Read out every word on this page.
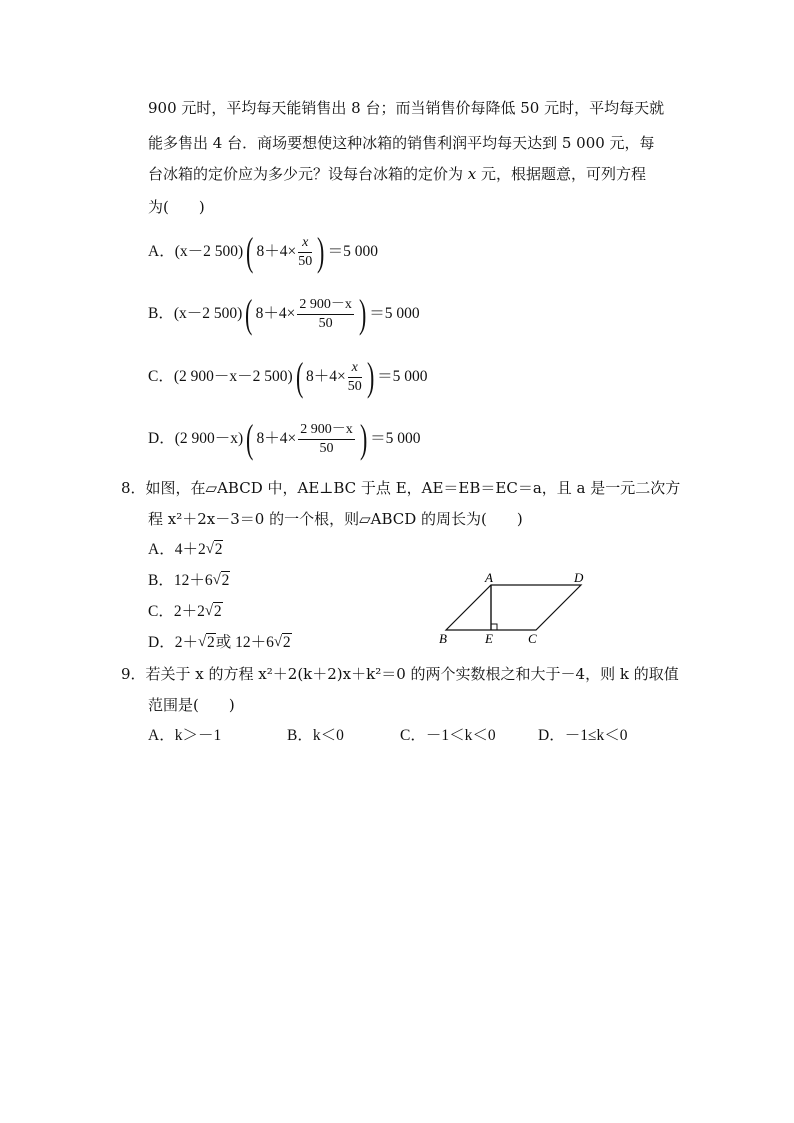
900 元时，平均每天能销售出 8 台；而当销售价每降低 50 元时，平均每天就
能多售出 4 台．商场要想使这种冰箱的销售利润平均每天达到 5 000 元，每
台冰箱的定价应为多少元？设每台冰箱的定价为 x 元，根据题意，可列方程
为(　　)
A．(x－2 500)( $8+4\times \frac{x}{50}$ ) ＝5 000
B．(x－2 500)( $8+4\times \frac{2 900-x}{50}$ ) ＝5 000
C．(2 900－x－2 500)( $8+4\times \frac{x}{50}$ ) ＝5 000
D．(2 900－x)( $8+4\times \frac{2 900-x}{50}$ ) ＝5 000
8．如图，在▱ABCD 中，AE⊥BC 于点 E，AE＝EB＝EC＝a，且 a 是一元二次方
程 x²＋2x－3＝0 的一个根，则▱ABCD 的周长为(　　)
A．4＋2 √ 2
B．12＋6 √ 2
C．2＋2 √ 2
D．2＋ √ 2或 12＋6 √ 2
A	D
B	E	C
9．若关于 x 的方程 x²＋2(k＋2)x＋k²＝0 的两个实数根之和大于－4，则 k 的取值
范围是(　　)
A．k＞－1	B．k＜0	C．－1＜k＜0	D．－1≤k＜0
